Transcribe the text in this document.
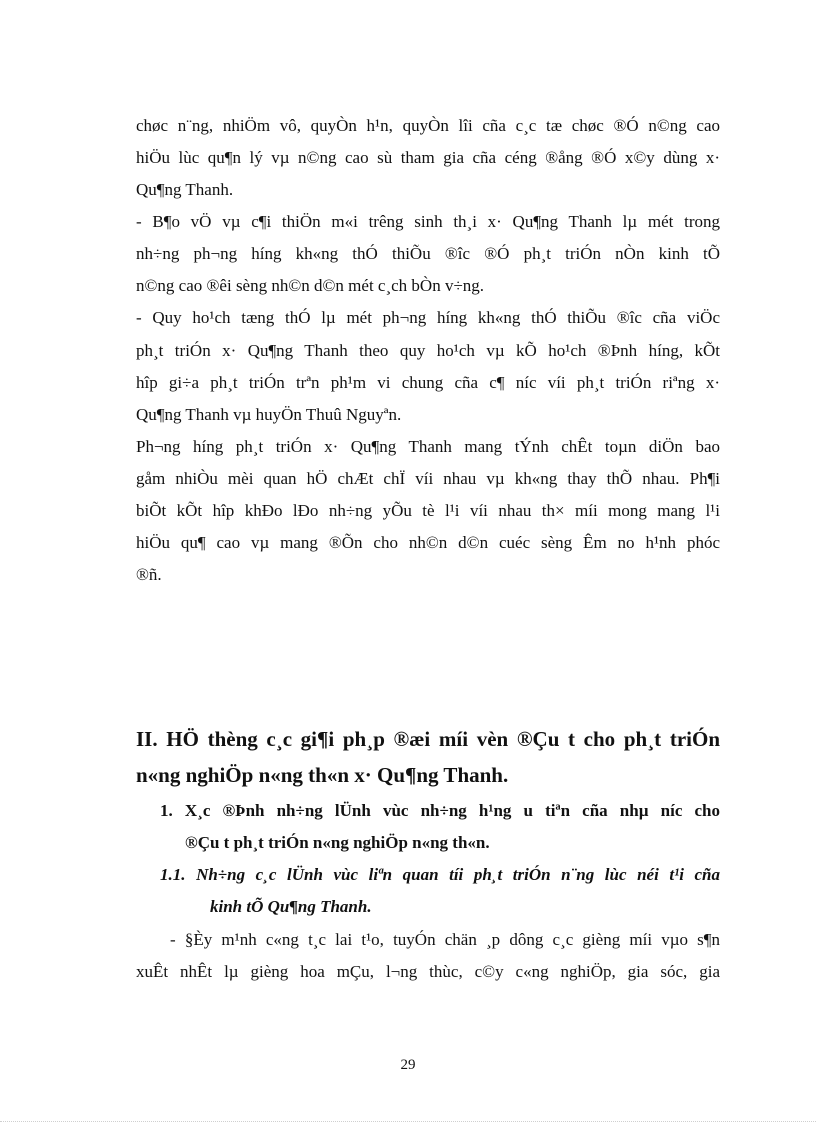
chøc n¨ng, nhiÖm vô, quyÒn h¹n, quyÒn lîi cña c¸c tæ chøc ®Ó n©ng cao
hiÖu lùc qu¶n lý vµ n©ng cao sù tham gia cña céng ®ång ®Ó x©y dùng x·
Qu¶ng Thanh.
- B¶o vÖ vµ c¶i thiÖn m«i trêng sinh th¸i x· Qu¶ng Thanh lµ mét trong
nh÷ng ph¬ng híng kh«ng thÓ thiÕu ®îc ®Ó ph¸t triÓn nÒn kinh tÕ
n©ng cao ®êi sèng nh©n d©n mét c¸ch bÒn v÷ng.
- Quy ho¹ch tæng thÓ lµ mét ph¬ng híng kh«ng thÓ thiÕu ®îc cña viÖc
ph¸t triÓn x· Qu¶ng Thanh theo quy ho¹ch vµ kÕ ho¹ch ®Þnh híng, kÕt
hîp gi÷a ph¸t triÓn trªn ph¹m vi chung cña c¶ níc víi ph¸t triÓn riªng x·
Qu¶ng Thanh vµ huyÖn Thuû Nguyªn.
Ph¬ng híng ph¸t triÓn x· Qu¶ng Thanh mang tÝnh chÊt toµn diÖn bao
gåm nhiÒu mèi quan hÖ chÆt chÏ víi nhau vµ kh«ng thay thÕ nhau. Ph¶i
biÕt kÕt hîp khÐo lÐo nh÷ng yÕu tè l¹i víi nhau th× míi mong mang l¹i
hiÖu qu¶ cao vµ mang ®Õn cho nh©n d©n cuéc sèng Êm no h¹nh phóc
®ñ.
II. HÖ thèng c¸c gi¶i ph¸p ®æi míi vèn ®Çu t cho ph¸t triÓn
n«ng nghiÖp n«ng th«n x· Qu¶ng Thanh.
1. X¸c ®Þnh nh÷ng lÜnh vùc nh÷ng h¹ng u tiªn cña nhµ níc cho
®Çu t ph¸t triÓn n«ng nghiÖp n«ng th«n.
1.1. Nh÷ng c¸c lÜnh vùc liªn quan tíi ph¸t triÓn n¨ng lùc néi t¹i cña
kinh tÕ Qu¶ng Thanh.
- §Èy m¹nh c«ng t¸c lai t¹o, tuyÓn chän ¸p dông c¸c gièng míi vµo s¶n
xuÊt nhÊt lµ gièng hoa mÇu, l¬ng thùc, c©y c«ng nghiÖp, gia sóc, gia
29
